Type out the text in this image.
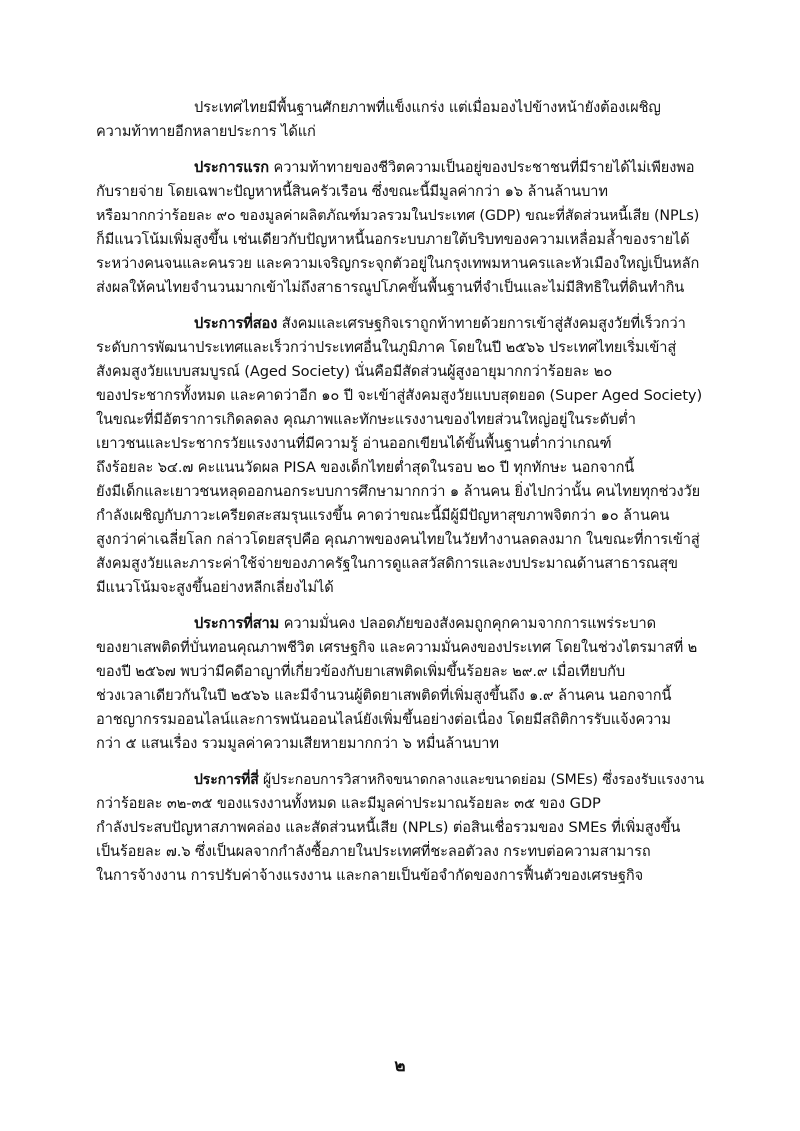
ประเทศไทยมีพื้นฐานศักยภาพที่แข็งแกร่ง แต่เมื่อมองไปข้างหน้ายังต้องเผชิญ
ความท้าทายอีกหลายประการ ได้แก่
ประการแรก ความท้าทายของชีวิตความเป็นอยู่ของประชาชนที่มีรายได้ไม่เพียงพอ
กับรายจ่าย โดยเฉพาะปัญหาหนี้สินครัวเรือน ซึ่งขณะนี้มีมูลค่ากว่า ๑๖ ล้านล้านบาท
หรือมากกว่าร้อยละ ๙๐ ของมูลค่าผลิตภัณฑ์มวลรวมในประเทศ (GDP) ขณะที่สัดส่วนหนี้เสีย (NPLs)
ก็มีแนวโน้มเพิ่มสูงขึ้น เช่นเดียวกับปัญหาหนี้นอกระบบภายใต้บริบทของความเหลื่อมล้ำของรายได้
ระหว่างคนจนและคนรวย และความเจริญกระจุกตัวอยู่ในกรุงเทพมหานครและหัวเมืองใหญ่เป็นหลัก
ส่งผลให้คนไทยจำนวนมากเข้าไม่ถึงสาธารณูปโภคขั้นพื้นฐานที่จำเป็นและไม่มีสิทธิในที่ดินทำกิน
ประการที่สอง สังคมและเศรษฐกิจเราถูกท้าทายด้วยการเข้าสู่สังคมสูงวัยที่เร็วกว่า
ระดับการพัฒนาประเทศและเร็วกว่าประเทศอื่นในภูมิภาค โดยในปี ๒๕๖๖ ประเทศไทยเริ่มเข้าสู่
สังคมสูงวัยแบบสมบูรณ์ (Aged Society) นั่นคือมีสัดส่วนผู้สูงอายุมากกว่าร้อยละ ๒๐
ของประชากรทั้งหมด และคาดว่าอีก ๑๐ ปี จะเข้าสู่สังคมสูงวัยแบบสุดยอด (Super Aged Society)
ในขณะที่มีอัตราการเกิดลดลง คุณภาพและทักษะแรงงานของไทยส่วนใหญ่อยู่ในระดับต่ำ
เยาวชนและประชากรวัยแรงงานที่มีความรู้ อ่านออกเขียนได้ขั้นพื้นฐานต่ำกว่าเกณฑ์
ถึงร้อยละ ๖๔.๗ คะแนนวัดผล PISA ของเด็กไทยต่ำสุดในรอบ ๒๐ ปี ทุกทักษะ นอกจากนี้
ยังมีเด็กและเยาวชนหลุดออกนอกระบบการศึกษามากกว่า ๑ ล้านคน ยิ่งไปกว่านั้น คนไทยทุกช่วงวัย
กำลังเผชิญกับภาวะเครียดสะสมรุนแรงขึ้น คาดว่าขณะนี้มีผู้มีปัญหาสุขภาพจิตกว่า ๑๐ ล้านคน
สูงกว่าค่าเฉลี่ยโลก กล่าวโดยสรุปคือ คุณภาพของคนไทยในวัยทำงานลดลงมาก ในขณะที่การเข้าสู่
สังคมสูงวัยและภาระค่าใช้จ่ายของภาครัฐในการดูแลสวัสดิการและงบประมาณด้านสาธารณสุข
มีแนวโน้มจะสูงขึ้นอย่างหลีกเลี่ยงไม่ได้
ประการที่สาม ความมั่นคง ปลอดภัยของสังคมถูกคุกคามจากการแพร่ระบาด
ของยาเสพติดที่บั่นทอนคุณภาพชีวิต เศรษฐกิจ และความมั่นคงของประเทศ โดยในช่วงไตรมาสที่ ๒
ของปี ๒๕๖๗ พบว่ามีคดีอาญาที่เกี่ยวข้องกับยาเสพติดเพิ่มขึ้นร้อยละ ๒๙.๙ เมื่อเทียบกับ
ช่วงเวลาเดียวกันในปี ๒๕๖๖ และมีจำนวนผู้ติดยาเสพติดที่เพิ่มสูงขึ้นถึง ๑.๙ ล้านคน นอกจากนี้
อาชญากรรมออนไลน์และการพนันออนไลน์ยังเพิ่มขึ้นอย่างต่อเนื่อง โดยมีสถิติการรับแจ้งความ
กว่า ๕ แสนเรื่อง รวมมูลค่าความเสียหายมากกว่า ๖ หมื่นล้านบาท
ประการที่สี่ ผู้ประกอบการวิสาหกิจขนาดกลางและขนาดย่อม (SMEs) ซึ่งรองรับแรงงาน
กว่าร้อยละ ๓๒-๓๕ ของแรงงานทั้งหมด และมีมูลค่าประมาณร้อยละ ๓๕ ของ GDP
กำลังประสบปัญหาสภาพคล่อง และสัดส่วนหนี้เสีย (NPLs) ต่อสินเชื่อรวมของ SMEs ที่เพิ่มสูงขึ้น
เป็นร้อยละ ๗.๖ ซึ่งเป็นผลจากกำลังซื้อภายในประเทศที่ชะลอตัวลง กระทบต่อความสามารถ
ในการจ้างงาน การปรับค่าจ้างแรงงาน และกลายเป็นข้อจำกัดของการฟื้นตัวของเศรษฐกิจ
๒
